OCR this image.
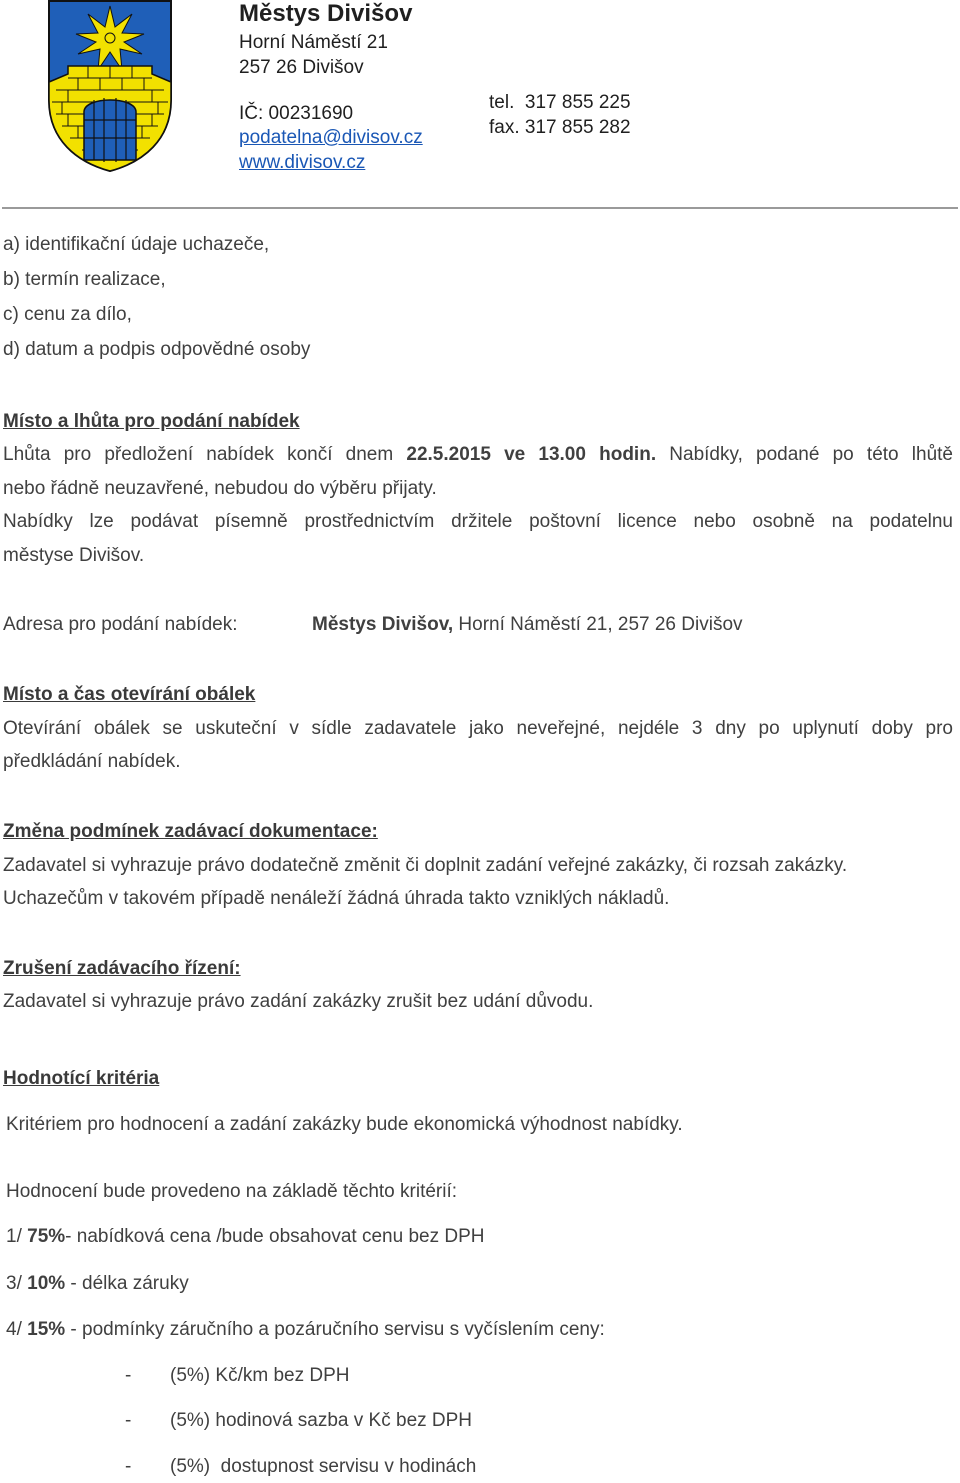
Městys Divišov
Horní Náměstí 21
257 26 Divišov
IČ: 00231690
podatelna@divisov.cz
www.divisov.cz
tel.  317 855 225
fax. 317 855 282
a) identifikační údaje uchazeče,
b) termín realizace,
c) cenu za dílo,
d) datum a podpis odpovědné osoby
Místo a lhůta pro podání nabídek
Lhůta pro předložení nabídek končí dnem 22.5.2015 ve 13.00 hodin. Nabídky, podané po této lhůtě
nebo řádně neuzavřené, nebudou do výběru přijaty.
Nabídky lze podávat písemně prostřednictvím držitele poštovní licence nebo osobně na podatelnu
městyse Divišov.
Adresa pro podání nabídek:	Městys Divišov, Horní Náměstí 21, 257 26 Divišov
Místo a čas otevírání obálek
Otevírání obálek se uskuteční v sídle zadavatele jako neveřejné, nejdéle 3 dny po uplynutí doby pro
předkládání nabídek.
Změna podmínek zadávací dokumentace:
Zadavatel si vyhrazuje právo dodatečně změnit či doplnit zadání veřejné zakázky, či rozsah zakázky.
Uchazečům v takovém případě nenáleží žádná úhrada takto vzniklých nákladů.
Zrušení zadávacího řízení:
Zadavatel si vyhrazuje právo zadání zakázky zrušit bez udání důvodu.
Hodnotící kritéria
Kritériem pro hodnocení a zadání zakázky bude ekonomická výhodnost nabídky.
Hodnocení bude provedeno na základě těchto kritérií:
1/ 75%- nabídková cena /bude obsahovat cenu bez DPH
3/ 10% - délka záruky
4/ 15% - podmínky záručního a pozáručního servisu s vyčíslením ceny:
- (5%) Kč/km bez DPH
- (5%) hodinová sazba v Kč bez DPH
- (5%)  dostupnost servisu v hodinách
